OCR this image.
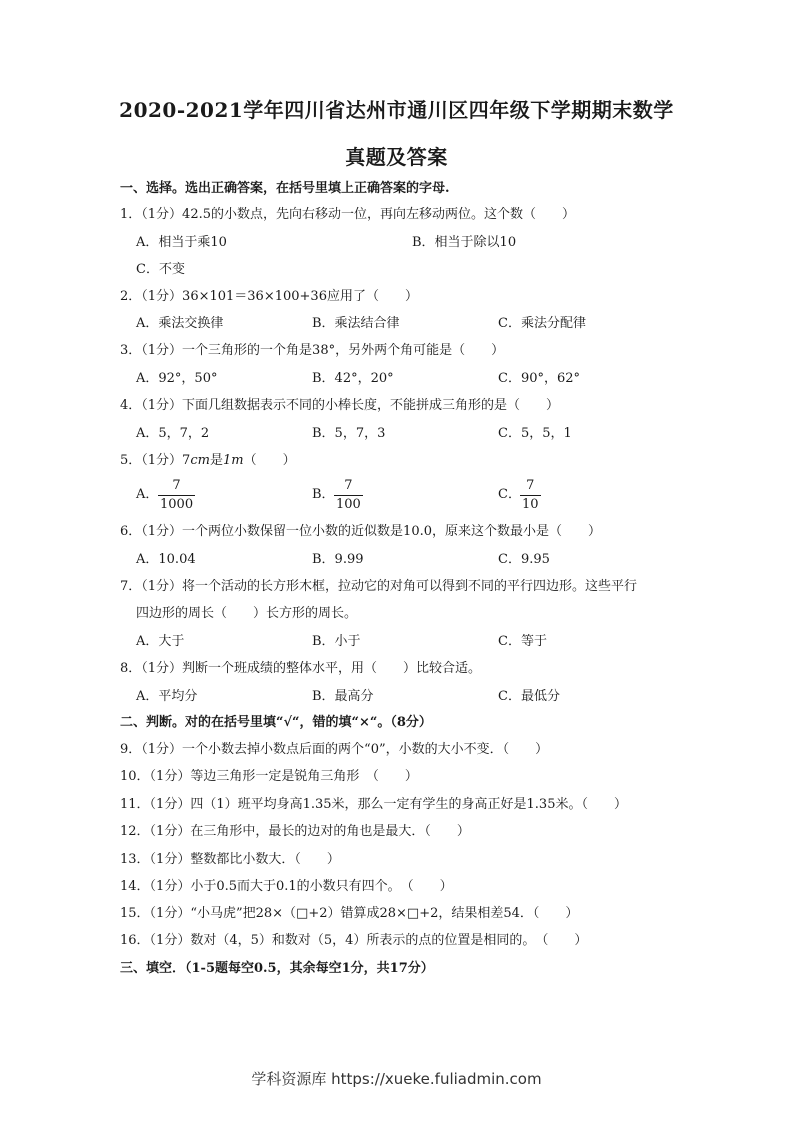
2020-2021学年四川省达州市通川区四年级下学期期末数学
真题及答案
一、选择。选出正确答案，在括号里填上正确答案的字母.
1．（1分）42.5的小数点，先向右移动一位，再向左移动两位。这个数（　　）
A．相当于乘10	B．相当于除以10
C．不变
2．（1分）36×101＝36×100+36应用了（　　）
A．乘法交换律	B．乘法结合律	C．乘法分配律
3．（1分）一个三角形的一个角是38°，另外两个角可能是（　　）
A．92°，50°	B．42°，20°	C．90°，62°
4．（1分）下面几组数据表示不同的小棒长度，不能拼成三角形的是（　　）
A．5，7，2	B．5，7，3	C．5，5，1
5．（1分）7cm是1m（　　）
A． $\frac{7}{1000}$	B． $\frac{7}{100}$	C． $\frac{7}{10}$
6．（1分）一个两位小数保留一位小数的近似数是10.0，原来这个数最小是（　　）
A．10.04	B．9.99	C．9.95
7．（1分）将一个活动的长方形木框，拉动它的对角可以得到不同的平行四边形。这些平行
四边形的周长（　　）长方形的周长。
A．大于	B．小于	C．等于
8．（1分）判断一个班成绩的整体水平，用（　　）比较合适。
A．平均分	B．最高分	C．最低分
二、判断。对的在括号里填“√“，错的填“×“。（8分）
9．（1分）一个小数去掉小数点后面的两个“0”，小数的大小不变．（　　）
10．（1分）等边三角形一定是锐角三角形　（　　）
11．（1分）四（1）班平均身高1.35米，那么一定有学生的身高正好是1.35米。（　　）
12．（1分）在三角形中，最长的边对的角也是最大．（　　）
13．（1分）整数都比小数大．（　　）
14．（1分）小于0.5而大于0.1的小数只有四个。　（　　）
15．（1分）“小马虎”把28×（□+2）错算成28×□+2，结果相差54．（　　）
16．（1分）数对（4，5）和数对（5，4）所表示的点的位置是相同的。　（　　）
三、填空．（1-5题每空0.5，其余每空1分，共17分）
学科资源库 https://xueke.fuliadmin.com
